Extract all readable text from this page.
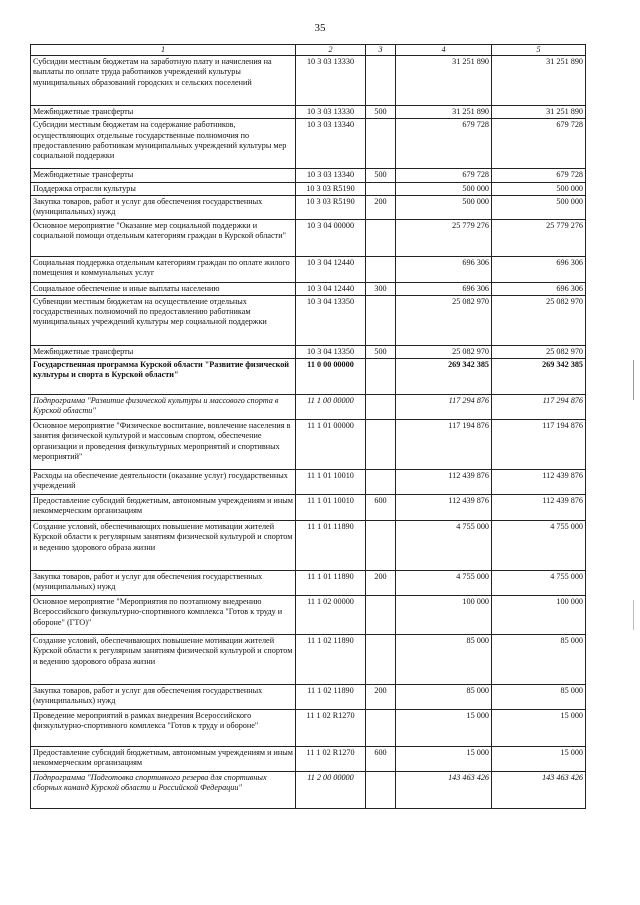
35
1	2	3	4	5
Субсидии местным бюджетам на заработную плату и начисления на выплаты по оплате труда работников учреждений культуры муниципальных образований городских и сельских поселений	10 3 03 13330		31 251 890	31 251 890
Межбюджетные трансферты	10 3 03 13330	500	31 251 890	31 251 890
Субсидии местным бюджетам на содержание работников, осуществляющих отдельные государственные полномочия по предоставлению работникам муниципальных учреждений культуры мер социальной поддержки	10 3 03 13340		679 728	679 728
Межбюджетные трансферты	10 3 03 13340	500	679 728	679 728
Поддержка отрасли культуры	10 3 03 R5190		500 000	500 000
Закупка товаров, работ и услуг для обеспечения государственных (муниципальных) нужд	10 3 03 R5190	200	500 000	500 000
Основное мероприятие "Оказание мер социальной поддержки и социальной помощи отдельным категориям граждан в Курской области"	10 3 04 00000		25 779 276	25 779 276
Социальная поддержка отдельным категориям граждан по оплате жилого помещения и коммунальных услуг	10 3 04 12440		696 306	696 306
Социальное обеспечение и иные выплаты населению	10 3 04 12440	300	696 306	696 306
Субвенции местным бюджетам на осуществление отдельных государственных полномочий по предоставлению работникам муниципальных учреждений культуры мер социальной поддержки	10 3 04 13350		25 082 970	25 082 970
Межбюджетные трансферты	10 3 04 13350	500	25 082 970	25 082 970
Государственная программа Курской области "Развитие физической культуры и спорта в Курской области"	11 0 00 00000		269 342 385	269 342 385
Подпрограмма "Развитие физической культуры и массового спорта в Курской области"	11 1 00 00000		117 294 876	117 294 876
Основное мероприятие "Физическое воспитание, вовлечение населения в занятия физической культурой и массовым спортом, обеспечение организации и проведения физкультурных мероприятий и спортивных мероприятий"	11 1 01 00000		117 194 876	117 194 876
Расходы на обеспечение деятельности (оказание услуг) государственных учреждений	11 1 01 10010		112 439 876	112 439 876
Предоставление субсидий бюджетным, автономным учреждениям и иным некоммерческим организациям	11 1 01 10010	600	112 439 876	112 439 876
Создание условий, обеспечивающих повышение мотивации жителей Курской области к регулярным занятиям физической культурой и спортом и ведению здорового образа жизни	11 1 01 11890		4 755 000	4 755 000
Закупка товаров, работ и услуг для обеспечения государственных (муниципальных) нужд	11 1 01 11890	200	4 755 000	4 755 000
Основное мероприятие "Мероприятия по поэтапному внедрению Всероссийского физкультурно-спортивного комплекса "Готов к труду и обороне" (ГТО)"	11 1 02 00000		100 000	100 000
Создание условий, обеспечивающих повышение мотивации жителей Курской области к регулярным занятиям физической культурой и спортом и ведению здорового образа жизни	11 1 02 11890		85 000	85 000
Закупка товаров, работ и услуг для обеспечения государственных (муниципальных) нужд	11 1 02 11890	200	85 000	85 000
Проведение мероприятий в рамках внедрения Всероссийского физкультурно-спортивного комплекса "Готов к труду и обороне"	11 1 02 R1270		15 000	15 000
Предоставление субсидий бюджетным, автономным учреждениям и иным некоммерческим организациям	11 1 02 R1270	600	15 000	15 000
Подпрограмма "Подготовка спортивного резерва для спортивных сборных команд Курской области и Российской Федерации"	11 2 00 00000		143 463 426	143 463 426
